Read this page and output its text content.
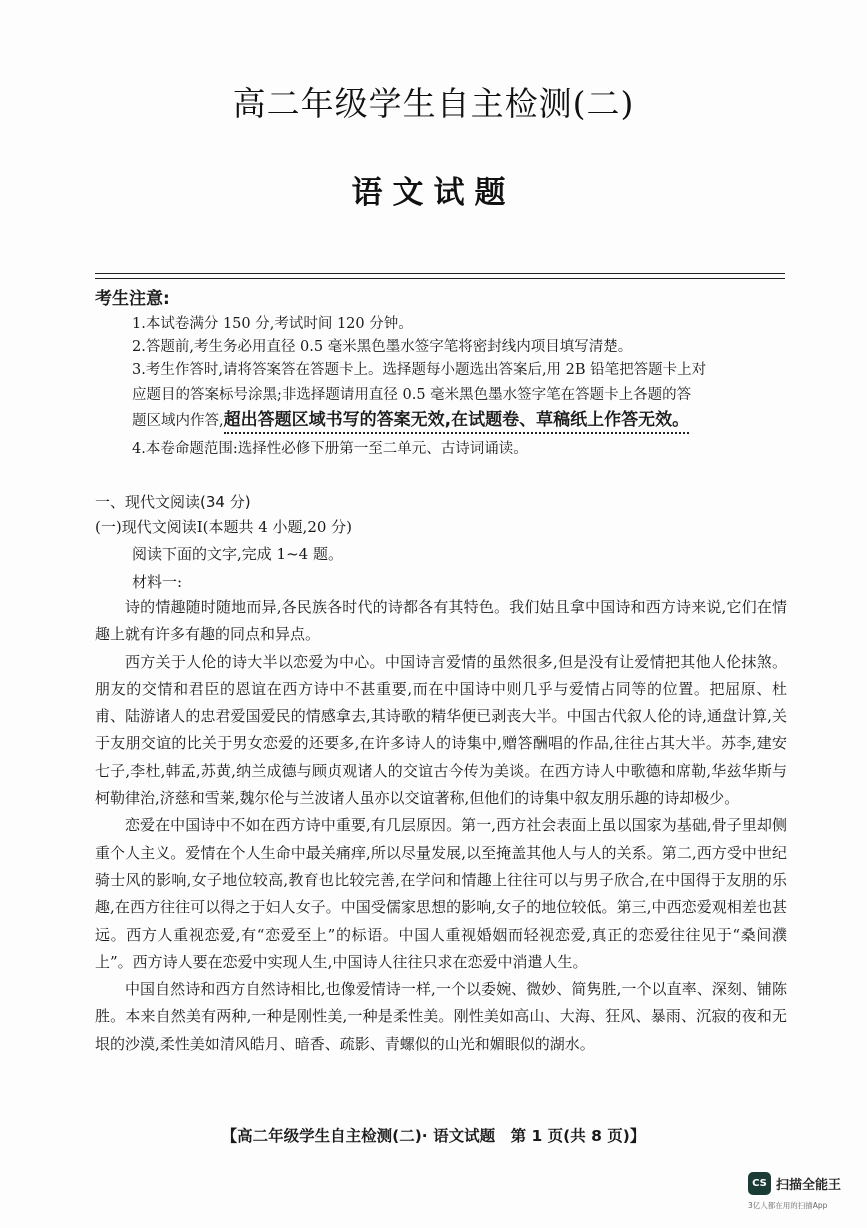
高二年级学生自主检测(二)
语文试题
考生注意:
1.本试卷满分 150 分,考试时间 120 分钟。
2.答题前,考生务必用直径 0.5 毫米黑色墨水签字笔将密封线内项目填写清楚。
3.考生作答时,请将答案答在答题卡上。选择题每小题选出答案后,用 2B 铅笔把答题卡上对
应题目的答案标号涂黑;非选择题请用直径 0.5 毫米黑色墨水签字笔在答题卡上各题的答
题区域内作答,超出答题区域书写的答案无效,在试题卷、草稿纸上作答无效。
4.本卷命题范围:选择性必修下册第一至二单元、古诗词诵读。
一、现代文阅读(34 分)
(一)现代文阅读Ⅰ(本题共 4 小题,20 分)
阅读下面的文字,完成 1~4 题。
材料一:

诗的情趣随时随地而异,各民族各时代的诗都各有其特色。我们姑且拿中国诗和西方诗来说,它们在情趣上就有许多有趣的同点和异点。

西方关于人伦的诗大半以恋爱为中心。中国诗言爱情的虽然很多,但是没有让爱情把其他人伦抹煞。朋友的交情和君臣的恩谊在西方诗中不甚重要,而在中国诗中则几乎与爱情占同等的位置。把屈原、杜甫、陆游诸人的忠君爱国爱民的情感拿去,其诗歌的精华便已剥丧大半。中国古代叙人伦的诗,通盘计算,关于友朋交谊的比关于男女恋爱的还要多,在许多诗人的诗集中,赠答酬唱的作品,往往占其大半。苏李,建安七子,李杜,韩孟,苏黄,纳兰成德与顾贞观诸人的交谊古今传为美谈。在西方诗人中歌德和席勒,华兹华斯与柯勒律治,济慈和雪莱,魏尔伦与兰波诸人虽亦以交谊著称,但他们的诗集中叙友朋乐趣的诗却极少。

恋爱在中国诗中不如在西方诗中重要,有几层原因。第一,西方社会表面上虽以国家为基础,骨子里却侧重个人主义。爱情在个人生命中最关痛痒,所以尽量发展,以至掩盖其他人与人的关系。第二,西方受中世纪骑士风的影响,女子地位较高,教育也比较完善,在学问和情趣上往往可以与男子欣合,在中国得于友朋的乐趣,在西方往往可以得之于妇人女子。中国受儒家思想的影响,女子的地位较低。第三,中西恋爱观相差也甚远。西方人重视恋爱,有“恋爱至上”的标语。中国人重视婚姻而轻视恋爱,真正的恋爱往往见于“桑间濮上”。西方诗人要在恋爱中实现人生,中国诗人往往只求在恋爱中消遣人生。

中国自然诗和西方自然诗相比,也像爱情诗一样,一个以委婉、微妙、简隽胜,一个以直率、深刻、铺陈胜。本来自然美有两种,一种是刚性美,一种是柔性美。刚性美如高山、大海、狂风、暴雨、沉寂的夜和无垠的沙漠,柔性美如清风皓月、暗香、疏影、青螺似的山光和媚眼似的湖水。

【高二年级学生自主检测(二)· 语文试题　第 1 页(共 8 页)】
CS 扫描全能王
3亿人都在用的扫描App
